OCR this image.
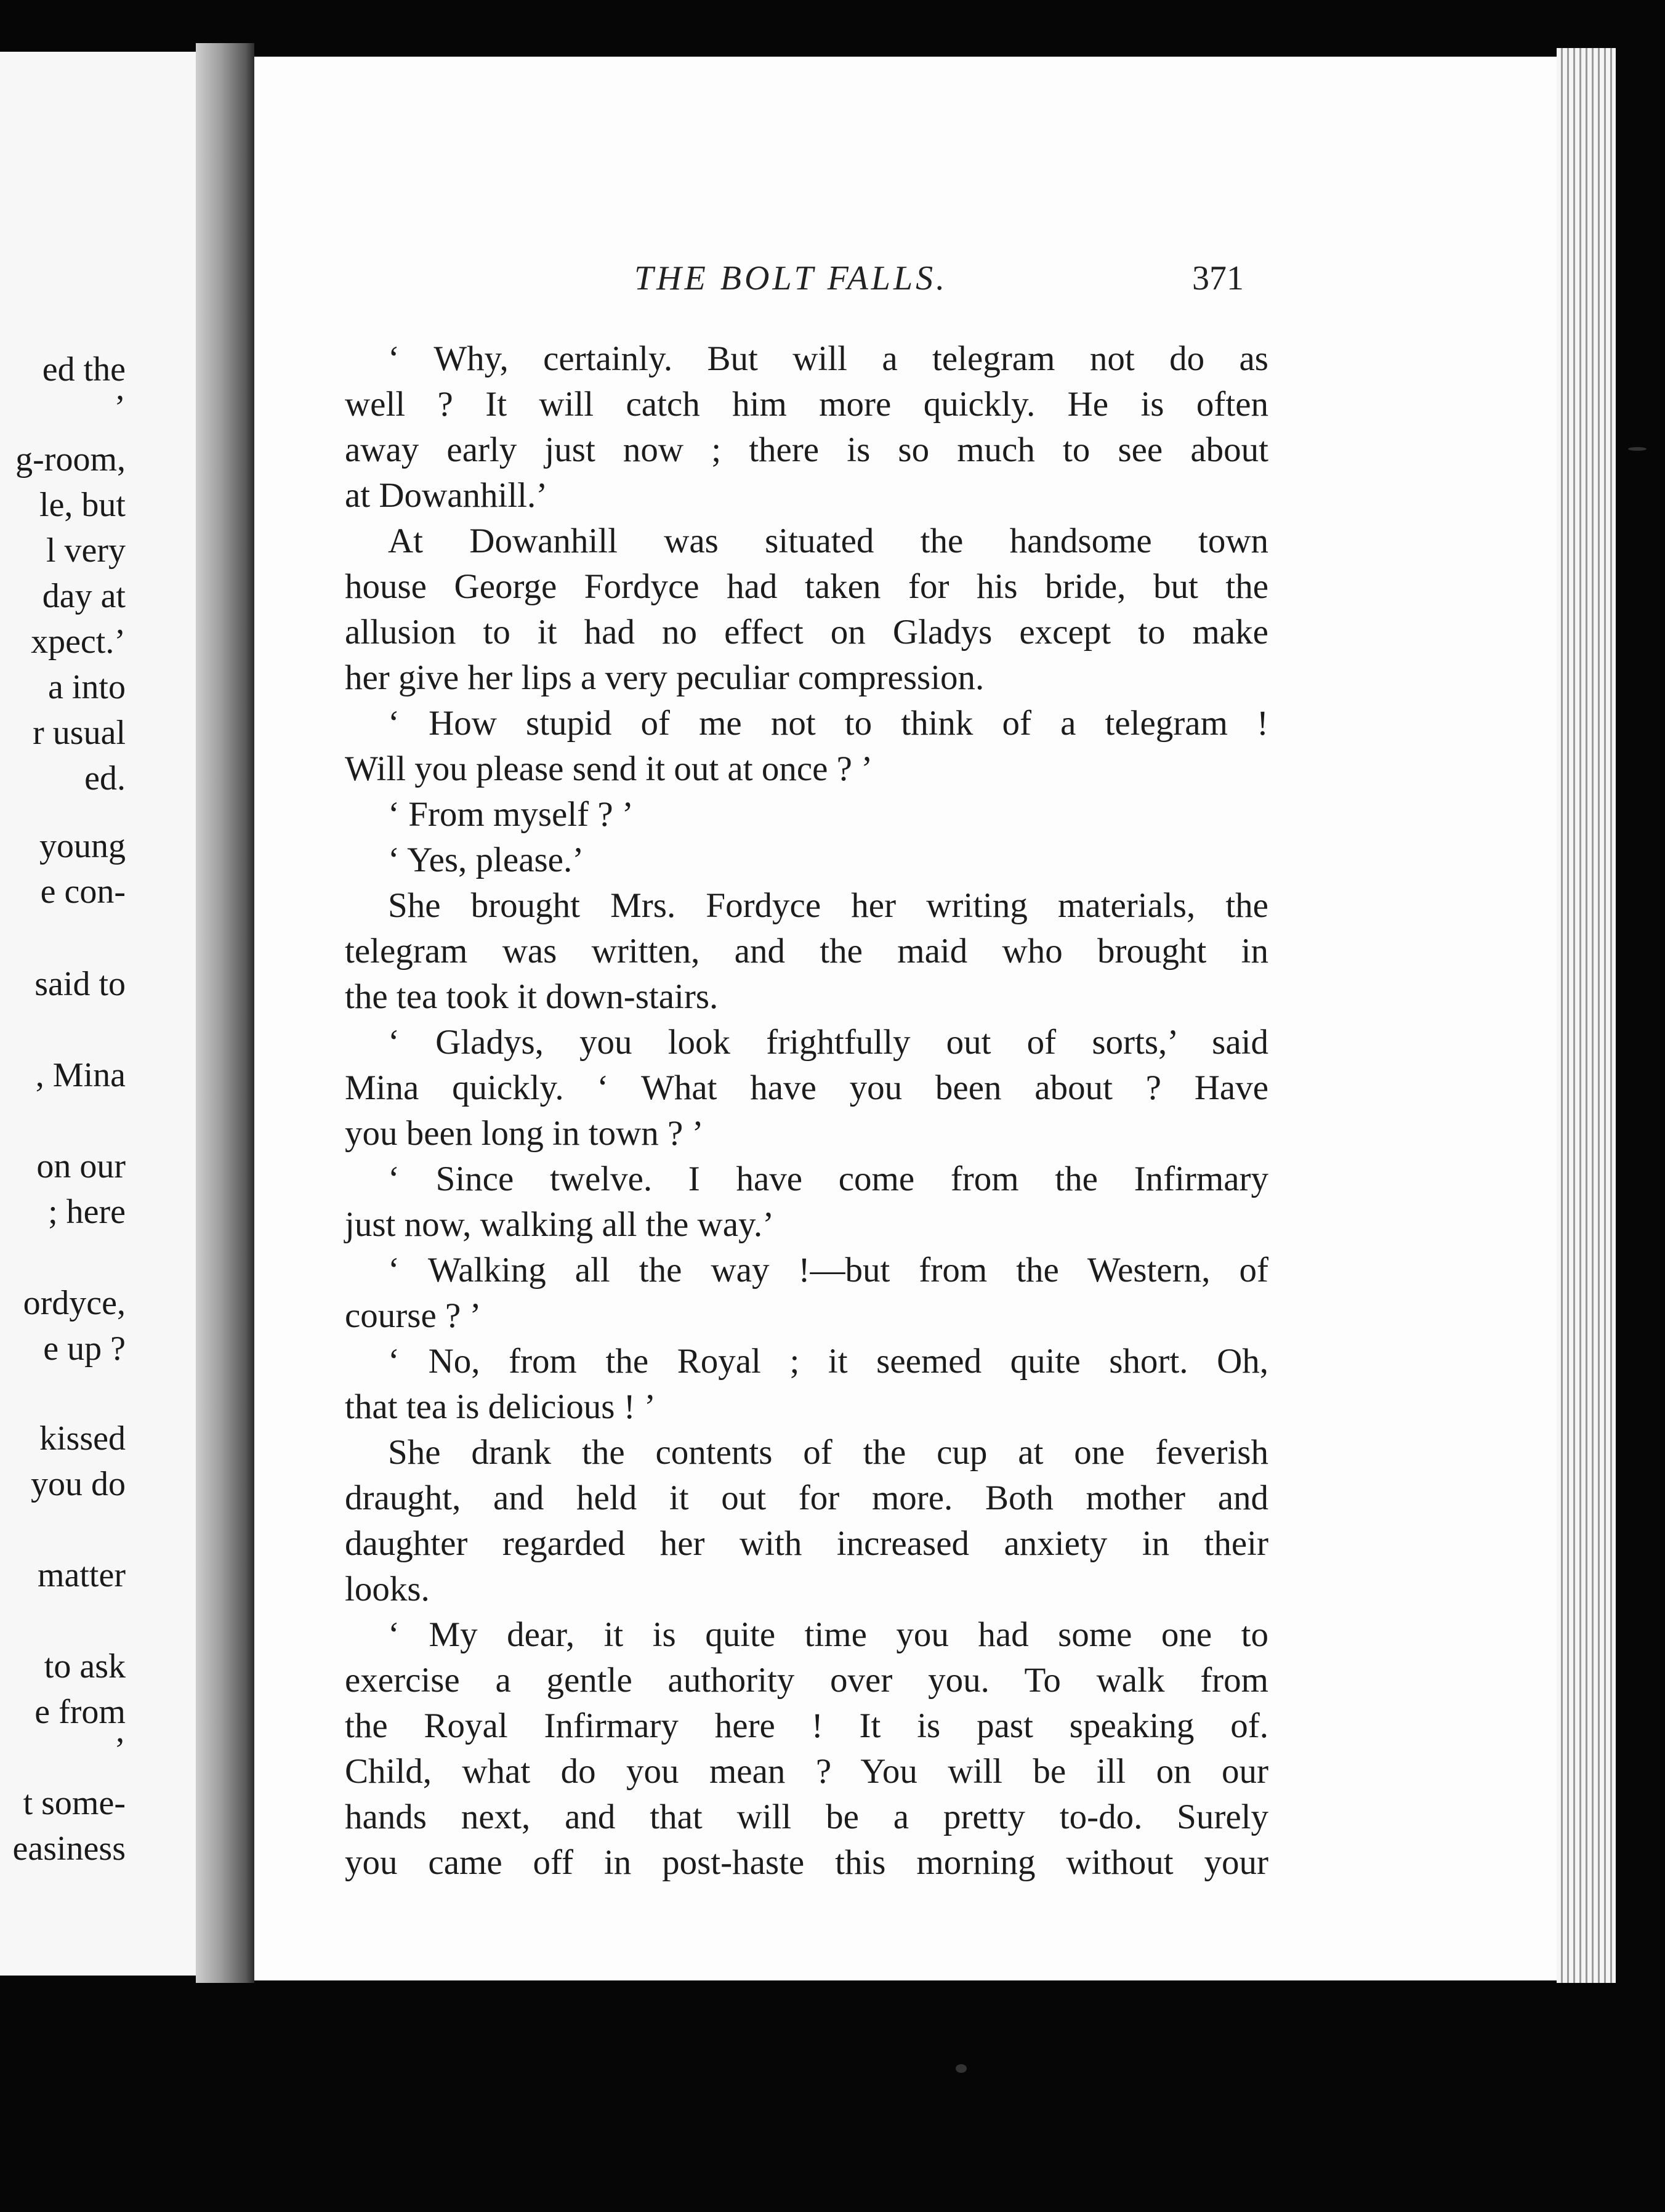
ed the
’
g-room,
le, but
l very
day at
xpect.’
a into
r usual
ed.
young
e con-
said to
, Mina
on our
; here
ordyce,
e up ?
kissed
you do
matter
to ask
e from
’
t some-
easiness
THE BOLT FALLS.	371
‘ Why, certainly. But will a telegram not do as
well ? It will catch him more quickly. He is often
away early just now ; there is so much to see about
at Dowanhill.’
At Dowanhill was situated the handsome town
house George Fordyce had taken for his bride, but the
allusion to it had no effect on Gladys except to make
her give her lips a very peculiar compression.
‘ How stupid of me not to think of a telegram !
Will you please send it out at once ? ’
‘ From myself ? ’
‘ Yes, please.’
She brought Mrs. Fordyce her writing materials, the
telegram was written, and the maid who brought in
the tea took it down-stairs.
‘ Gladys, you look frightfully out of sorts,’ said
Mina quickly. ‘ What have you been about ? Have
you been long in town ? ’
‘ Since twelve. I have come from the Infirmary
just now, walking all the way.’
‘ Walking all the way !—but from the Western, of
course ? ’
‘ No, from the Royal ; it seemed quite short. Oh,
that tea is delicious ! ’
She drank the contents of the cup at one feverish
draught, and held it out for more. Both mother and
daughter regarded her with increased anxiety in their
looks.
‘ My dear, it is quite time you had some one to
exercise a gentle authority over you. To walk from
the Royal Infirmary here ! It is past speaking of.
Child, what do you mean ? You will be ill on our
hands next, and that will be a pretty to-do. Surely
you came off in post-haste this morning without your
